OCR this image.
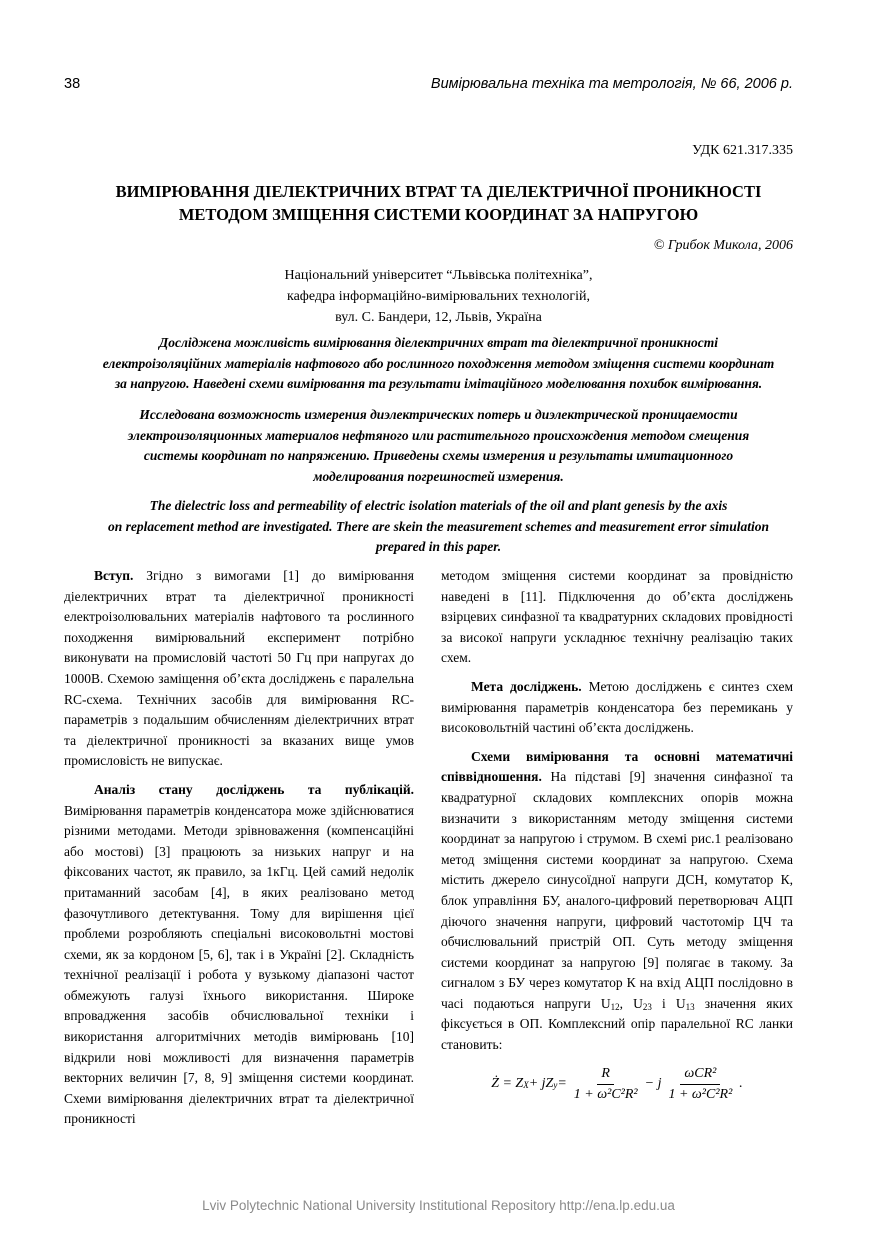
38	Вимірювальна техніка та метрологія, № 66, 2006 р.
УДК 621.317.335
ВИМІРЮВАННЯ ДІЕЛЕКТРИЧНИХ ВТРАТ ТА ДІЕЛЕКТРИЧНОЇ ПРОНИКНОСТІ
МЕТОДОМ ЗМІЩЕННЯ СИСТЕМИ КООРДИНАТ ЗА НАПРУГОЮ
© Грибок Микола, 2006
Національний університет “Львівська політехніка”,
кафедра інформаційно-вимірювальних технологій,
вул. С. Бандери, 12, Львів, Україна

Досліджена можливість вимірювання діелектричних втрат та діелектричної проникності
електроізоляційних матеріалів нафтового або рослинного походження методом зміщення системи координат
за напругою. Наведені схеми вимірювання та результати імітаційного моделювання похибок вимірювання.

Исследована возможность измерения диэлектрических потерь и диэлектрической проницаемости
электроизоляционных материалов нефтяного или растительного происхождения методом смещения
системы координат по напряжению. Приведены схемы измерения и результаты имитационного
моделирования погрешностей измерения.

The dielectric loss and permeability of electric isolation materials of the oil and plant genesis by the axis
on replacement method are investigated. There are skein the measurement schemes and measurement error simulation
prepared in this paper.

Вступ. Згідно з вимогами [1] до вимірювання діелектричних втрат та діелектричної проникності електроізолювальних матеріалів нафтового та рослинного походження вимірювальний експеримент потрібно виконувати на промисловій частоті 50 Гц при напругах до 1000В. Схемою заміщення об’єкта досліджень є паралельна RC-схема. Технічних засобів для вимірювання RC-параметрів з подальшим обчисленням діелектричних втрат та діелектричної проникності за вказаних вище умов промисловість не випускає.

Аналіз стану досліджень та публікацій. Вимірювання параметрів конденсатора може здійснюватися різними методами. Методи зрівноваження (компенсаційні або мостові) [3] працюють за низьких напруг и на фіксованих частот, як правило, за 1кГц. Цей самий недолік притаманний засобам [4], в яких реалізовано метод фазочутливого детектування. Тому для вирішення цієї проблеми розробляють спеціальні високовольтні мостові схеми, як за кордоном [5, 6], так і в Україні [2]. Складність технічної реалізації і робота у вузькому діапазоні частот обмежують галузі їхнього використання. Широке впровадження засобів обчислювальної техніки і використання алгоритмічних методів вимірювань [10] відкрили нові можливості для визначення параметрів векторних величин [7, 8, 9] зміщення системи координат. Схеми вимірювання діелектричних втрат та діелектричної проникності

методом зміщення системи координат за провідністю наведені в [11]. Підключення до об’єкта досліджень взірцевих синфазної та квадратурних складових провідності за високої напруги ускладнює технічну реалізацію таких схем.

Мета досліджень. Метою досліджень є синтез схем вимірювання параметрів конденсатора без перемикань у високовольтній частині об’єкта досліджень.

Схеми вимірювання та основні математичні співвідношення. На підставі [9] значення синфазної та квадратурної складових комплексних опорів можна визначити з використанням методу зміщення системи координат за напругою і струмом. В схемі рис.1 реалізовано метод зміщення системи координат за напругою. Схема містить джерело синусоїдної напруги ДСН, комутатор К, блок управління БУ, аналого-цифровий перетворювач АЦП діючого значення напруги, цифровий частотомір ЦЧ та обчислювальний пристрій ОП. Суть методу зміщення системи координат за напругою [9] полягає в такому. За сигналом з БУ через комутатор К на вхід АЦП послідовно в часі подаються напруги $U_{12}$, $U_{23}$ і $U_{13}$ значення яких фіксується в ОП. Комплексний опір паралельної RC ланки становить:

Ż = Z X + jZ $y = \frac{R}{\text{1 + ω²C²R²}} - j \frac{\text{ωCR²}}{\text{1 + ω²C²R²}}$ .
Lviv Polytechnic National University Institutional Repository http://ena.lp.edu.ua
